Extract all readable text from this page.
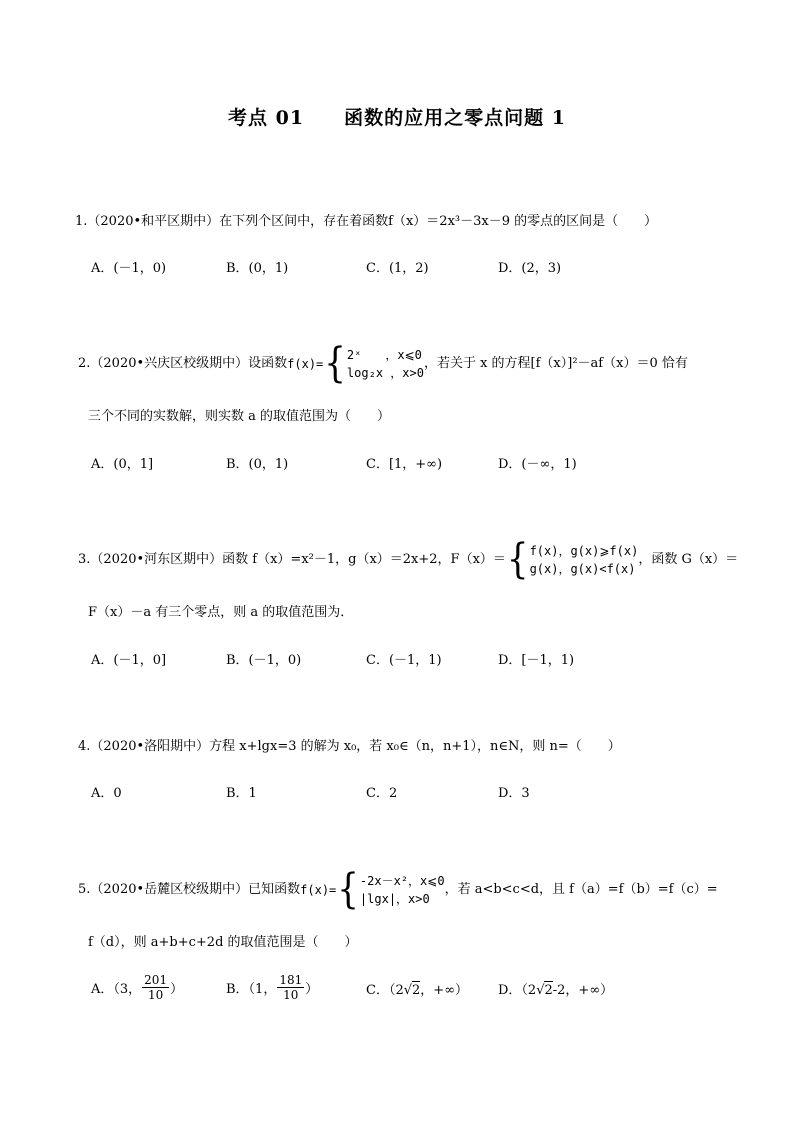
考点 01　　函数的应用之零点问题 1
1.（2020•和平区期中）在下列个区间中，存在着函数f（x）＝2x³－3x－9 的零点的区间是（　　）
A．(－1，0)	B．(0，1)	C．(1，2)	D．(2，3)
2.（2020•兴庆区校级期中）设函数 f(x)= { 2ˣ　　，x⩽0
log₂x ，x>0
，若关于 x 的方程[f（x）]²－af（x）＝0 恰有
三个不同的实数解，则实数 a 的取值范围为（　　）
A．(0，1]	B．(0，1)	C．[1，+∞)	D．(－∞，1)
3.（2020•河东区期中）函数 f（x）=x²－1，g（x）＝2x+2，F（x）＝ { f(x)，g(x)⩾f(x)
g(x)，g(x)<f(x)
，函数 G（x）＝
F（x）－a 有三个零点，则 a 的取值范围为．
A．(－1，0]	B．(－1，0)	C．(－1，1)	D．[－1，1)
4.（2020•洛阳期中）方程 x+lgx=3 的解为 x₀，若 x₀∈（n，n+1），n∈N，则 n=（　　）
A．0	B．1	C．2	D．3
5.（2020•岳麓区校级期中）已知函数 f(x)= { -2x－x²，x⩽0
|lgx|，x>0
，若 a<b<c<d，且 f（a）=f（b）=f（c）=
f（d），则 a+b+c+2d 的取值范围是（　　）
A．（3， $\frac{201}{10}$ ）	B．（1， $\frac{181}{10}$ ）	C．（2√2，+∞） D．（2√2-2，+∞）
